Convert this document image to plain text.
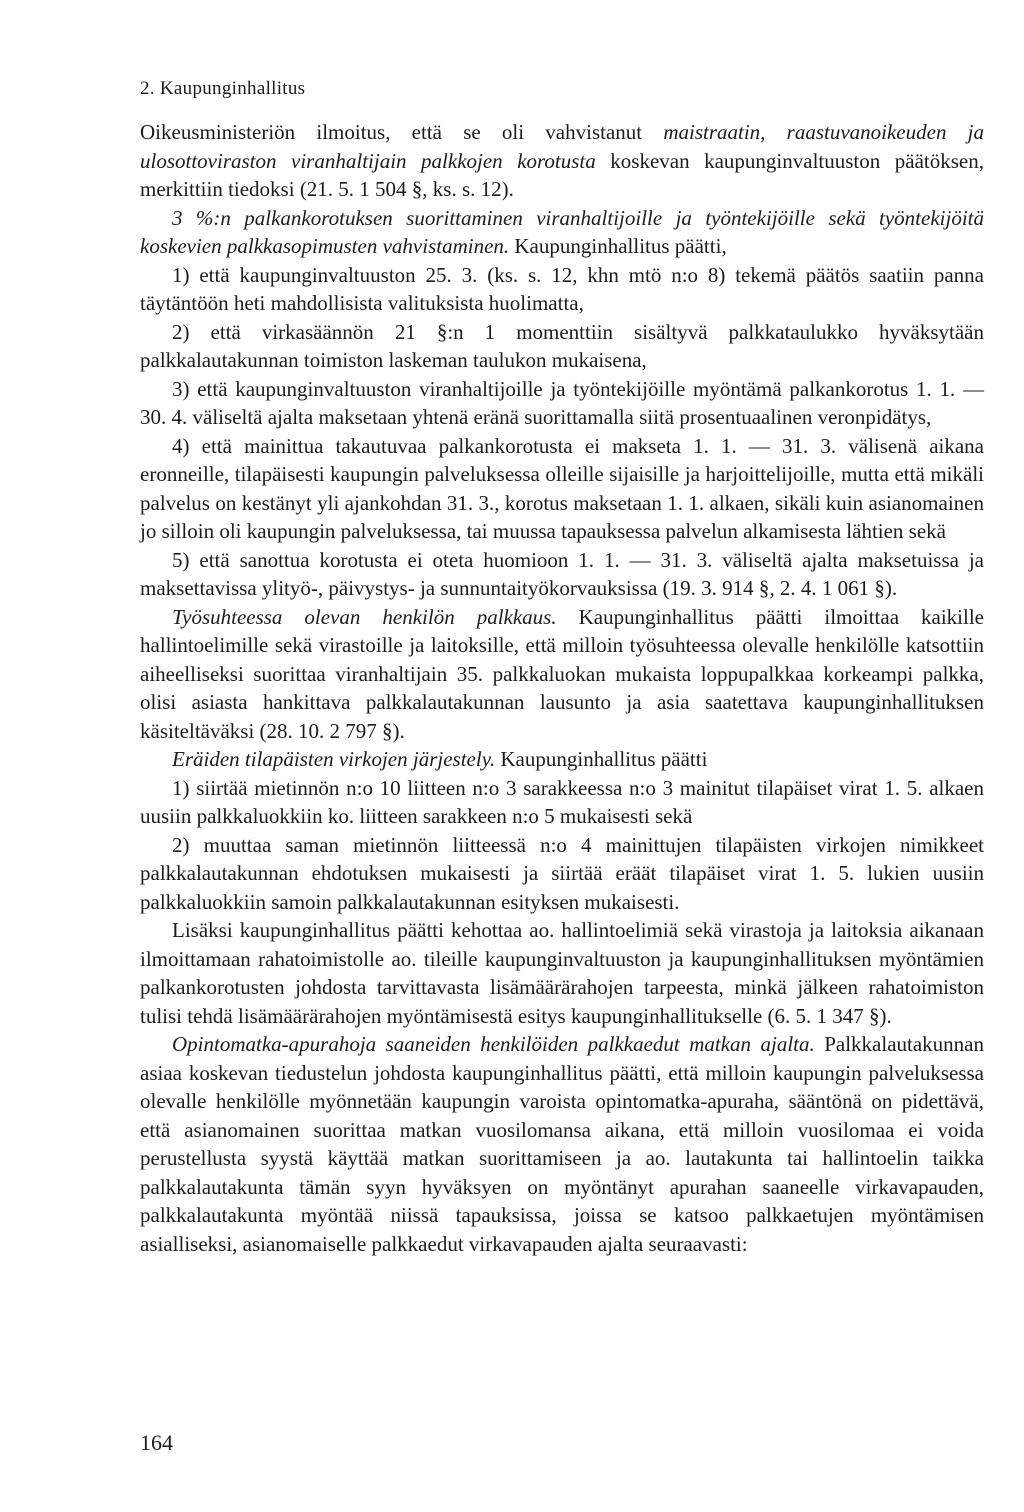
2. Kaupunginhallitus

Oikeusministeriön ilmoitus, että se oli vahvistanut maistraatin, raastuvanoikeuden ja ulosottoviraston viranhaltijain palkkojen korotusta koskevan kaupunginvaltuuston päätöksen, merkittiin tiedoksi (21. 5. 1 504 §, ks. s. 12).

3 %:n palkankorotuksen suorittaminen viranhaltijoille ja työntekijöille sekä työntekijöitä koskevien palkkasopimusten vahvistaminen. Kaupunginhallitus päätti,

1) että kaupunginvaltuuston 25. 3. (ks. s. 12, khn mtö n:o 8) tekemä päätös saatiin panna täytäntöön heti mahdollisista valituksista huolimatta,

2) että virkasäännön 21 §:n 1 momenttiin sisältyvä palkkataulukko hyväksytään palkkalautakunnan toimiston laskeman taulukon mukaisena,

3) että kaupunginvaltuuston viranhaltijoille ja työntekijöille myöntämä palkankorotus 1. 1. — 30. 4. väliseltä ajalta maksetaan yhtenä eränä suorittamalla siitä prosentuaalinen veronpidätys,

4) että mainittua takautuvaa palkankorotusta ei makseta 1. 1. — 31. 3. välisenä aikana eronneille, tilapäisesti kaupungin palveluksessa olleille sijaisille ja harjoittelijoille, mutta että mikäli palvelus on kestänyt yli ajankohdan 31. 3., korotus maksetaan 1. 1. alkaen, sikäli kuin asianomainen jo silloin oli kaupungin palveluksessa, tai muussa tapauksessa palvelun alkamisesta lähtien sekä

5) että sanottua korotusta ei oteta huomioon 1. 1. — 31. 3. väliseltä ajalta maksetuissa ja maksettavissa ylityö-, päivystys- ja sunnuntaityökorvauksissa (19. 3. 914 §, 2. 4. 1 061 §).

Työsuhteessa olevan henkilön palkkaus. Kaupunginhallitus päätti ilmoittaa kaikille hallintoelimille sekä virastoille ja laitoksille, että milloin työsuhteessa olevalle henkilölle katsottiin aiheelliseksi suorittaa viranhaltijain 35. palkkaluokan mukaista loppupalkkaa korkeampi palkka, olisi asiasta hankittava palkkalautakunnan lausunto ja asia saatettava kaupunginhallituksen käsiteltäväksi (28. 10. 2 797 §).

Eräiden tilapäisten virkojen järjestely. Kaupunginhallitus päätti

1) siirtää mietinnön n:o 10 liitteen n:o 3 sarakkeessa n:o 3 mainitut tilapäiset virat 1. 5. alkaen uusiin palkkaluokkiin ko. liitteen sarakkeen n:o 5 mukaisesti sekä

2) muuttaa saman mietinnön liitteessä n:o 4 mainittujen tilapäisten virkojen nimikkeet palkkalautakunnan ehdotuksen mukaisesti ja siirtää eräät tilapäiset virat 1. 5. lukien uusiin palkkaluokkiin samoin palkkalautakunnan esityksen mukaisesti.

Lisäksi kaupunginhallitus päätti kehottaa ao. hallintoelimiä sekä virastoja ja laitoksia aikanaan ilmoittamaan rahatoimistolle ao. tileille kaupunginvaltuuston ja kaupunginhallituksen myöntämien palkankorotusten johdosta tarvittavasta lisämäärärahojen tarpeesta, minkä jälkeen rahatoimiston tulisi tehdä lisämäärärahojen myöntämisestä esitys kaupunginhallitukselle (6. 5. 1 347 §).

Opintomatka-apurahoja saaneiden henkilöiden palkkaedut matkan ajalta. Palkkalautakunnan asiaa koskevan tiedustelun johdosta kaupunginhallitus päätti, että milloin kaupungin palveluksessa olevalle henkilölle myönnetään kaupungin varoista opintomatka-apuraha, sääntönä on pidettävä, että asianomainen suorittaa matkan vuosilomansa aikana, että milloin vuosilomaa ei voida perustellusta syystä käyttää matkan suorittamiseen ja ao. lautakunta tai hallintoelin taikka palkkalautakunta tämän syyn hyväksyen on myöntänyt apurahan saaneelle virkavapauden, palkkalautakunta myöntää niissä tapauksissa, joissa se katsoo palkkaetujen myöntämisen asialliseksi, asianomaiselle palkkaedut virkavapauden ajalta seuraavasti:

164
